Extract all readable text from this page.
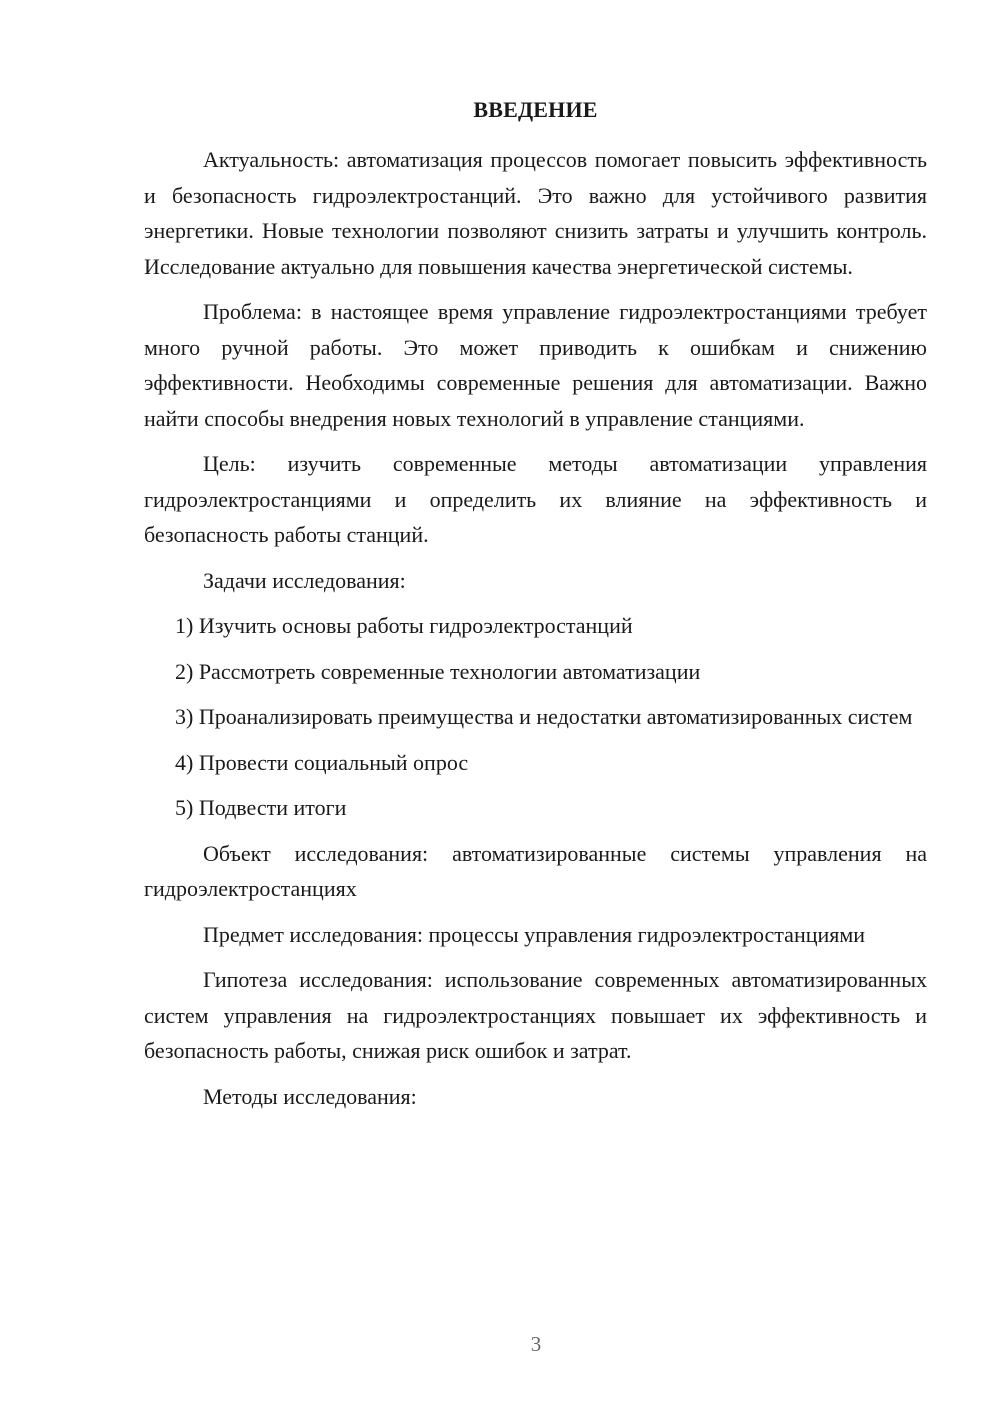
ВВЕДЕНИЕ

Актуальность: автоматизация процессов помогает повысить эффективность и безопасность гидроэлектростанций. Это важно для устойчивого развития энергетики. Новые технологии позволяют снизить затраты и улучшить контроль. Исследование актуально для повышения качества энергетической системы.

Проблема: в настоящее время управление гидроэлектростанциями требует много ручной работы. Это может приводить к ошибкам и снижению эффективности. Необходимы современные решения для автоматизации. Важно найти способы внедрения новых технологий в управление станциями.

Цель: изучить современные методы автоматизации управления гидроэлектростанциями и определить их влияние на эффективность и безопасность работы станций.

Задачи исследования:

1) Изучить основы работы гидроэлектростанций

2) Рассмотреть современные технологии автоматизации

3) Проанализировать преимущества и недостатки автоматизированных систем

4) Провести социальный опрос

5) Подвести итоги

Объект исследования: автоматизированные системы управления на гидроэлектростанциях

Предмет исследования: процессы управления гидроэлектростанциями

Гипотеза исследования: использование современных автоматизированных систем управления на гидроэлектростанциях повышает их эффективность и безопасность работы, снижая риск ошибок и затрат.

Методы исследования:

3
